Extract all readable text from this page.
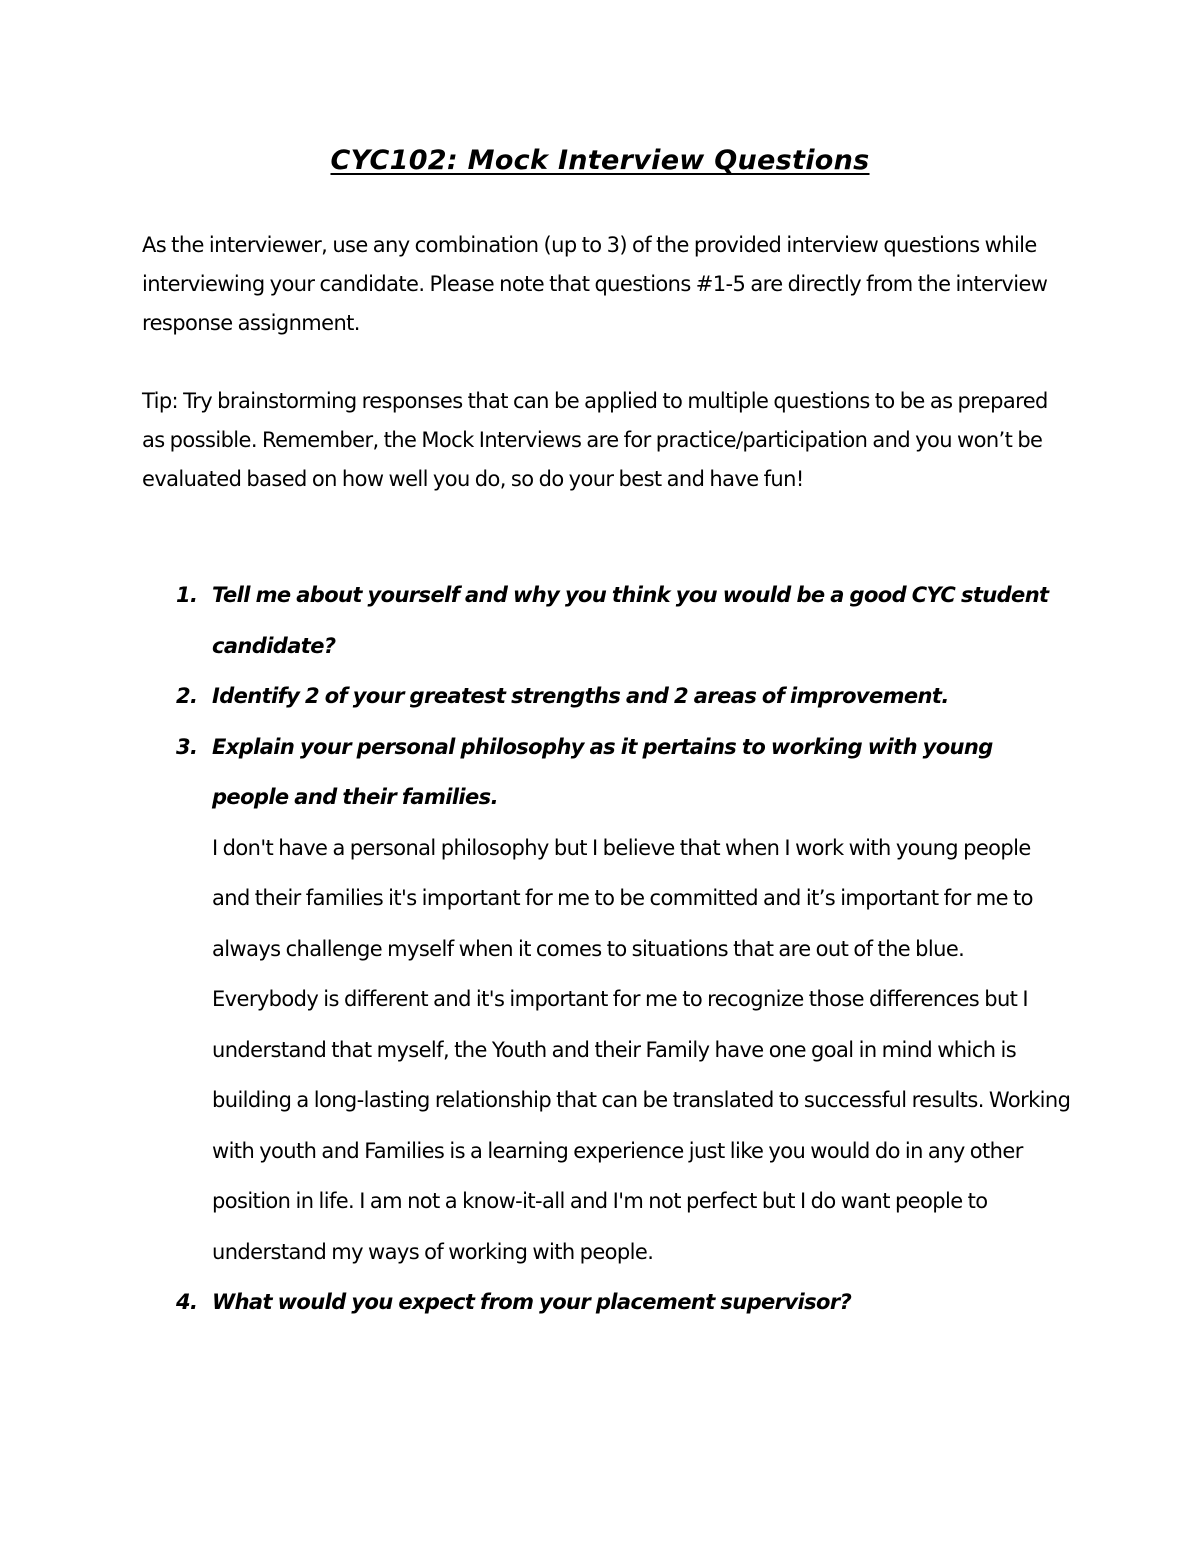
CYC102: Mock Interview Questions
As the interviewer, use any combination (up to 3) of the provided interview questions while interviewing your candidate. Please note that questions #1-5 are directly from the interview response assignment.
Tip: Try brainstorming responses that can be applied to multiple questions to be as prepared as possible. Remember, the Mock Interviews are for practice/participation and you won’t be evaluated based on how well you do, so do your best and have fun!
1. Tell me about yourself and why you think you would be a good CYC student candidate?
2. Identify 2 of your greatest strengths and 2 areas of improvement.
3. Explain your personal philosophy as it pertains to working with young people and their families.
I don't have a personal philosophy but I believe that when I work with young people and their families it's important for me to be committed and it’s important for me to always challenge myself when it comes to situations that are out of the blue. Everybody is different and it's important for me to recognize those differences but I understand that myself, the Youth and their Family have one goal in mind which is building a long-lasting relationship that can be translated to successful results. Working with youth and Families is a learning experience just like you would do in any other position in life. I am not a know-it-all and I'm not perfect but I do want people to understand my ways of working with people.
4. What would you expect from your placement supervisor?
